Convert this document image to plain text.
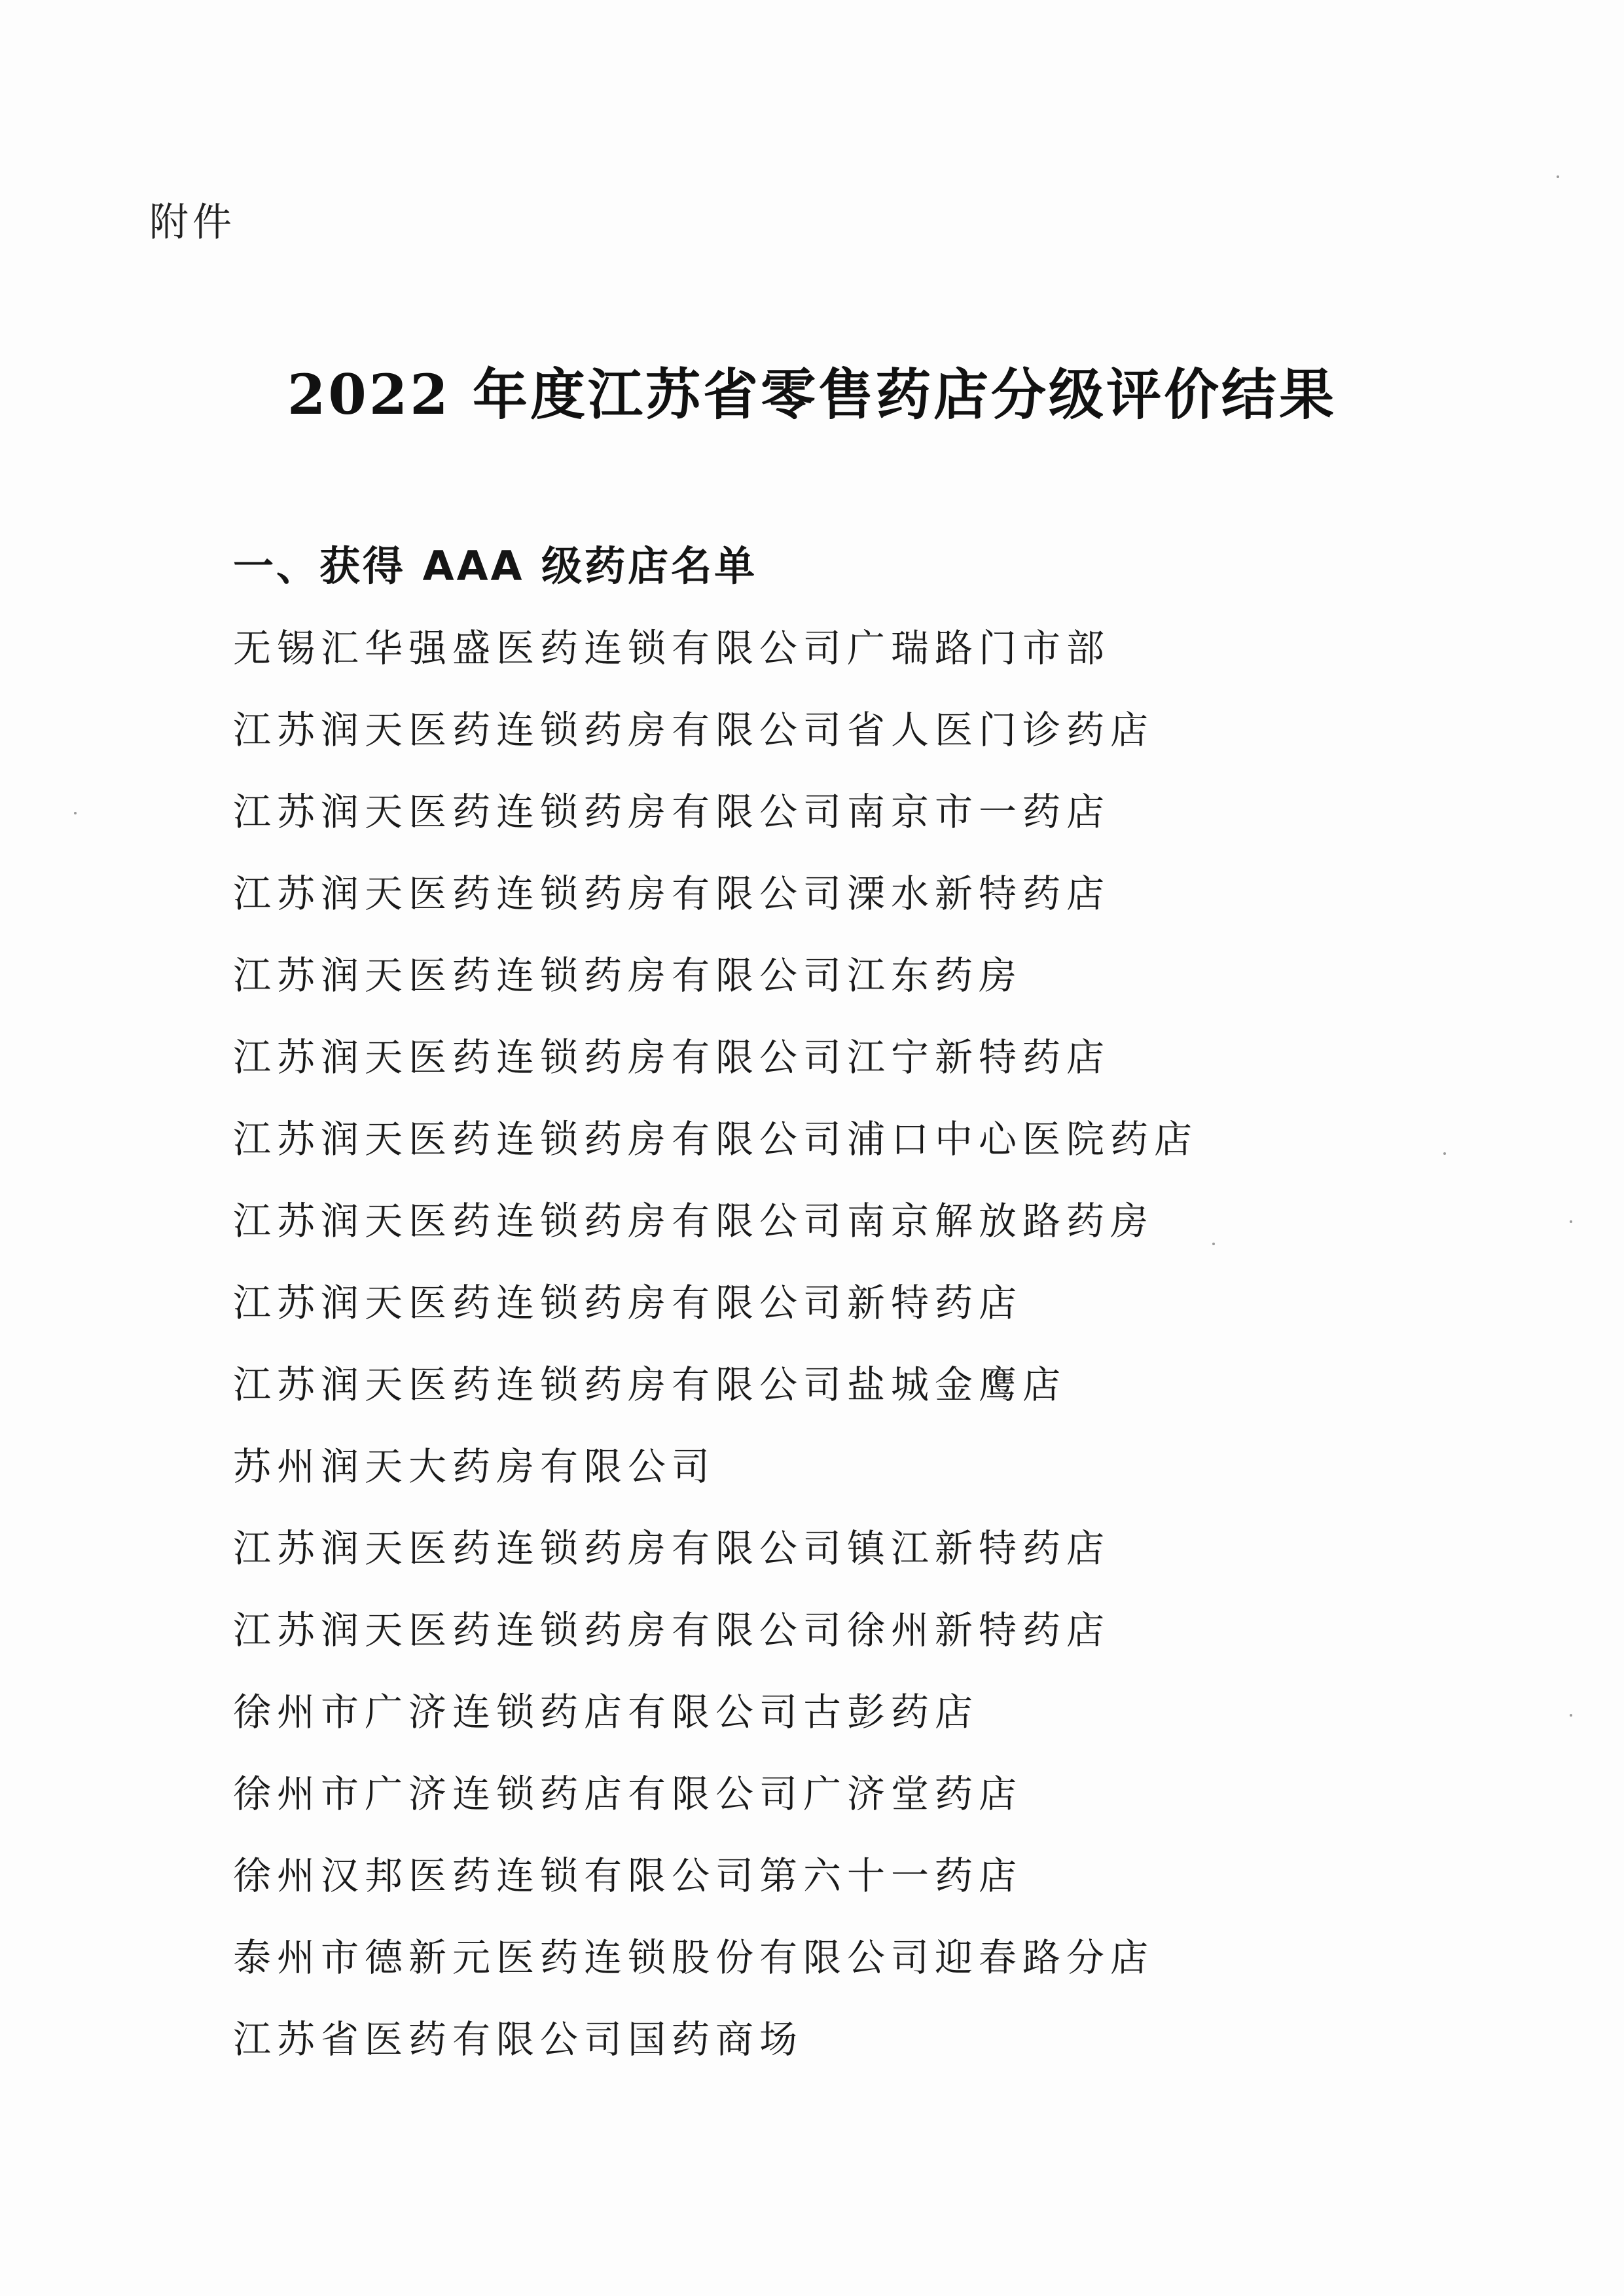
附件
2022 年度江苏省零售药店分级评价结果
一、获得 AAA 级药店名单
无锡汇华强盛医药连锁有限公司广瑞路门市部
江苏润天医药连锁药房有限公司省人医门诊药店
江苏润天医药连锁药房有限公司南京市一药店
江苏润天医药连锁药房有限公司溧水新特药店
江苏润天医药连锁药房有限公司江东药房
江苏润天医药连锁药房有限公司江宁新特药店
江苏润天医药连锁药房有限公司浦口中心医院药店
江苏润天医药连锁药房有限公司南京解放路药房
江苏润天医药连锁药房有限公司新特药店
江苏润天医药连锁药房有限公司盐城金鹰店
苏州润天大药房有限公司
江苏润天医药连锁药房有限公司镇江新特药店
江苏润天医药连锁药房有限公司徐州新特药店
徐州市广济连锁药店有限公司古彭药店
徐州市广济连锁药店有限公司广济堂药店
徐州汉邦医药连锁有限公司第六十一药店
泰州市德新元医药连锁股份有限公司迎春路分店
江苏省医药有限公司国药商场
